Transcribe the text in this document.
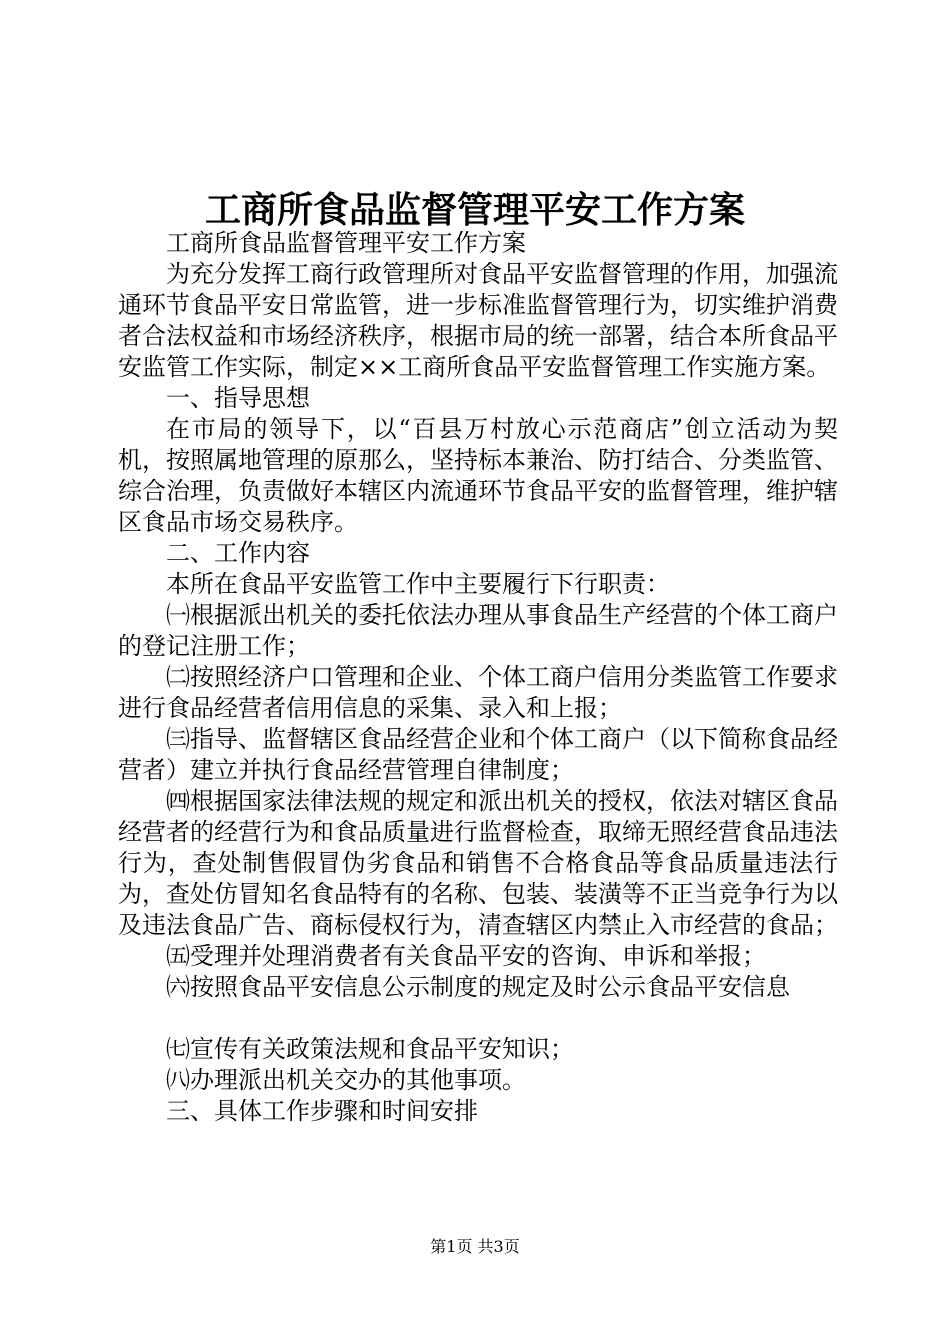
工商所食品监督管理平安工作方案

工商所食品监督管理平安工作方案

为充分发挥工商行政管理所对食品平安监督管理的作用，加强流通环节食品平安日常监管，进一步标准监督管理行为，切实维护消费者合法权益和市场经济秩序，根据市局的统一部署，结合本所食品平安监管工作实际，制定××工商所食品平安监督管理工作实施方案。

一、指导思想

在市局的领导下，以“百县万村放心示范商店”创立活动为契机，按照属地管理的原那么，坚持标本兼治、防打结合、分类监管、综合治理，负责做好本辖区内流通环节食品平安的监督管理，维护辖区食品市场交易秩序。

二、工作内容

本所在食品平安监管工作中主要履行下行职责：

㈠根据派出机关的委托依法办理从事食品生产经营的个体工商户的登记注册工作；

㈡按照经济户口管理和企业、个体工商户信用分类监管工作要求进行食品经营者信用信息的采集、录入和上报；

㈢指导、监督辖区食品经营企业和个体工商户（以下简称食品经营者）建立并执行食品经营管理自律制度；

㈣根据国家法律法规的规定和派出机关的授权，依法对辖区食品经营者的经营行为和食品质量进行监督检查，取缔无照经营食品违法行为，查处制售假冒伪劣食品和销售不合格食品等食品质量违法行为，查处仿冒知名食品特有的名称、包装、装潢等不正当竞争行为以及违法食品广告、商标侵权行为，清查辖区内禁止入市经营的食品；

㈤受理并处理消费者有关食品平安的咨询、申诉和举报；

㈥按照食品平安信息公示制度的规定及时公示食品平安信息

㈦宣传有关政策法规和食品平安知识；

㈧办理派出机关交办的其他事项。

三、具体工作步骤和时间安排

第1页 共3页
